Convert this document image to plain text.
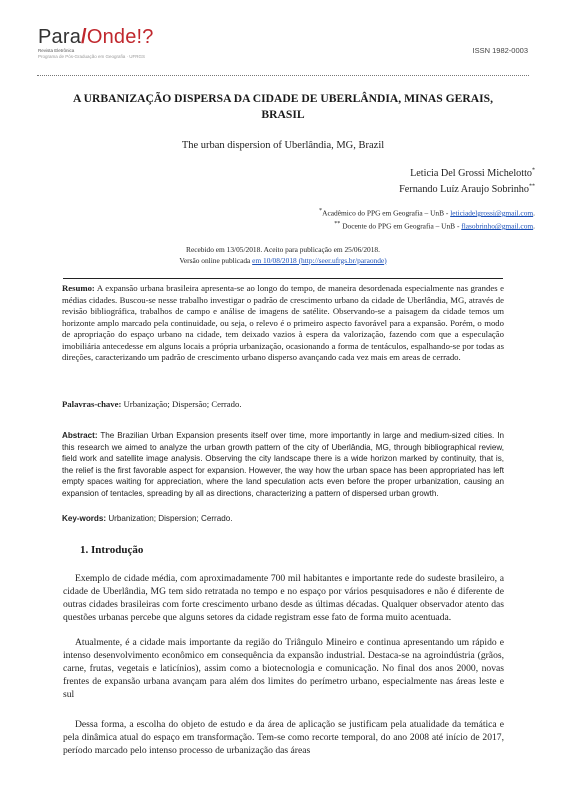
Para/Onde!?
Revista Eletrônica
Programa de Pós-Graduação em Geografia · UFRGS
ISSN 1982-0003
A URBANIZAÇÃO DISPERSA DA CIDADE DE UBERLÂNDIA, MINAS GERAIS,
BRASIL
The urban dispersion of Uberlândia, MG, Brazil
Leticia Del Grossi Michelotto*
Fernando Luíz Araujo Sobrinho**
*Acadêmico do PPG em Geografia – UnB - leticiadelgrossi@gmail.com.
** Docente do PPG em Geografia – UnB - flasobrinho@gmail.com.
Recebido em 13/05/2018. Aceito para publicação em 25/06/2018.
Versão online publicada em 10/08/2018 (http://seer.ufrgs.br/paraonde)
Resumo: A expansão urbana brasileira apresenta-se ao longo do tempo, de maneira desordenada especialmente nas grandes e médias cidades. Buscou-se nesse trabalho investigar o padrão de crescimento urbano da cidade de Uberlândia, MG, através de revisão bibliográfica, trabalhos de campo e análise de imagens de satélite. Observando-se a paisagem da cidade temos um horizonte amplo marcado pela continuidade, ou seja, o relevo é o primeiro aspecto favorável para a expansão. Porém, o modo de apropriação do espaço urbano na cidade, tem deixado vazios à espera da valorização, fazendo com que a especulação imobiliária antecedesse em alguns locais a própria urbanização, ocasionando a forma de tentáculos, espalhando-se por todas as direções, caracterizando um padrão de crescimento urbano disperso avançando cada vez mais em areas de cerrado.
Palavras-chave: Urbanização; Dispersão; Cerrado.
Abstract: The Brazilian Urban Expansion presents itself over time, more importantly in large and medium-sized cities. In this research we aimed to analyze the urban growth pattern of the city of Uberlândia, MG, through bibliographical review, field work and satellite image analysis. Observing the city landscape there is a wide horizon marked by continuity, that is, the relief is the first favorable aspect for expansion. However, the way how the urban space has been appropriated has left empty spaces waiting for appreciation, where the land speculation acts even before the proper urbanization, causing an expansion of tentacles, spreading by all as directions, characterizing a pattern of dispersed urban growth.
Key-words: Urbanization; Dispersion; Cerrado.
1. Introdução
Exemplo de cidade média, com aproximadamente 700 mil habitantes e importante rede do sudeste brasileiro, a cidade de Uberlândia, MG tem sido retratada no tempo e no espaço por vários pesquisadores e não é diferente de outras cidades brasileiras com forte crescimento urbano desde as últimas décadas. Qualquer observador atento das questões urbanas percebe que alguns setores da cidade registram esse fato de forma muito acentuada.
Atualmente, é a cidade mais importante da região do Triângulo Mineiro e continua apresentando um rápido e intenso desenvolvimento econômico em consequência da expansão industrial. Destaca-se na agroindústria (grãos, carne, frutas, vegetais e laticínios), assim como a biotecnologia e comunicação. No final dos anos 2000, novas frentes de expansão urbana avançam para além dos limites do perímetro urbano, especialmente nas áreas leste e sul
Dessa forma, a escolha do objeto de estudo e da área de aplicação se justificam pela atualidade da temática e pela dinâmica atual do espaço em transformação. Tem-se como recorte temporal, do ano 2008 até início de 2017, período marcado pelo intenso processo de urbanização das áreas
